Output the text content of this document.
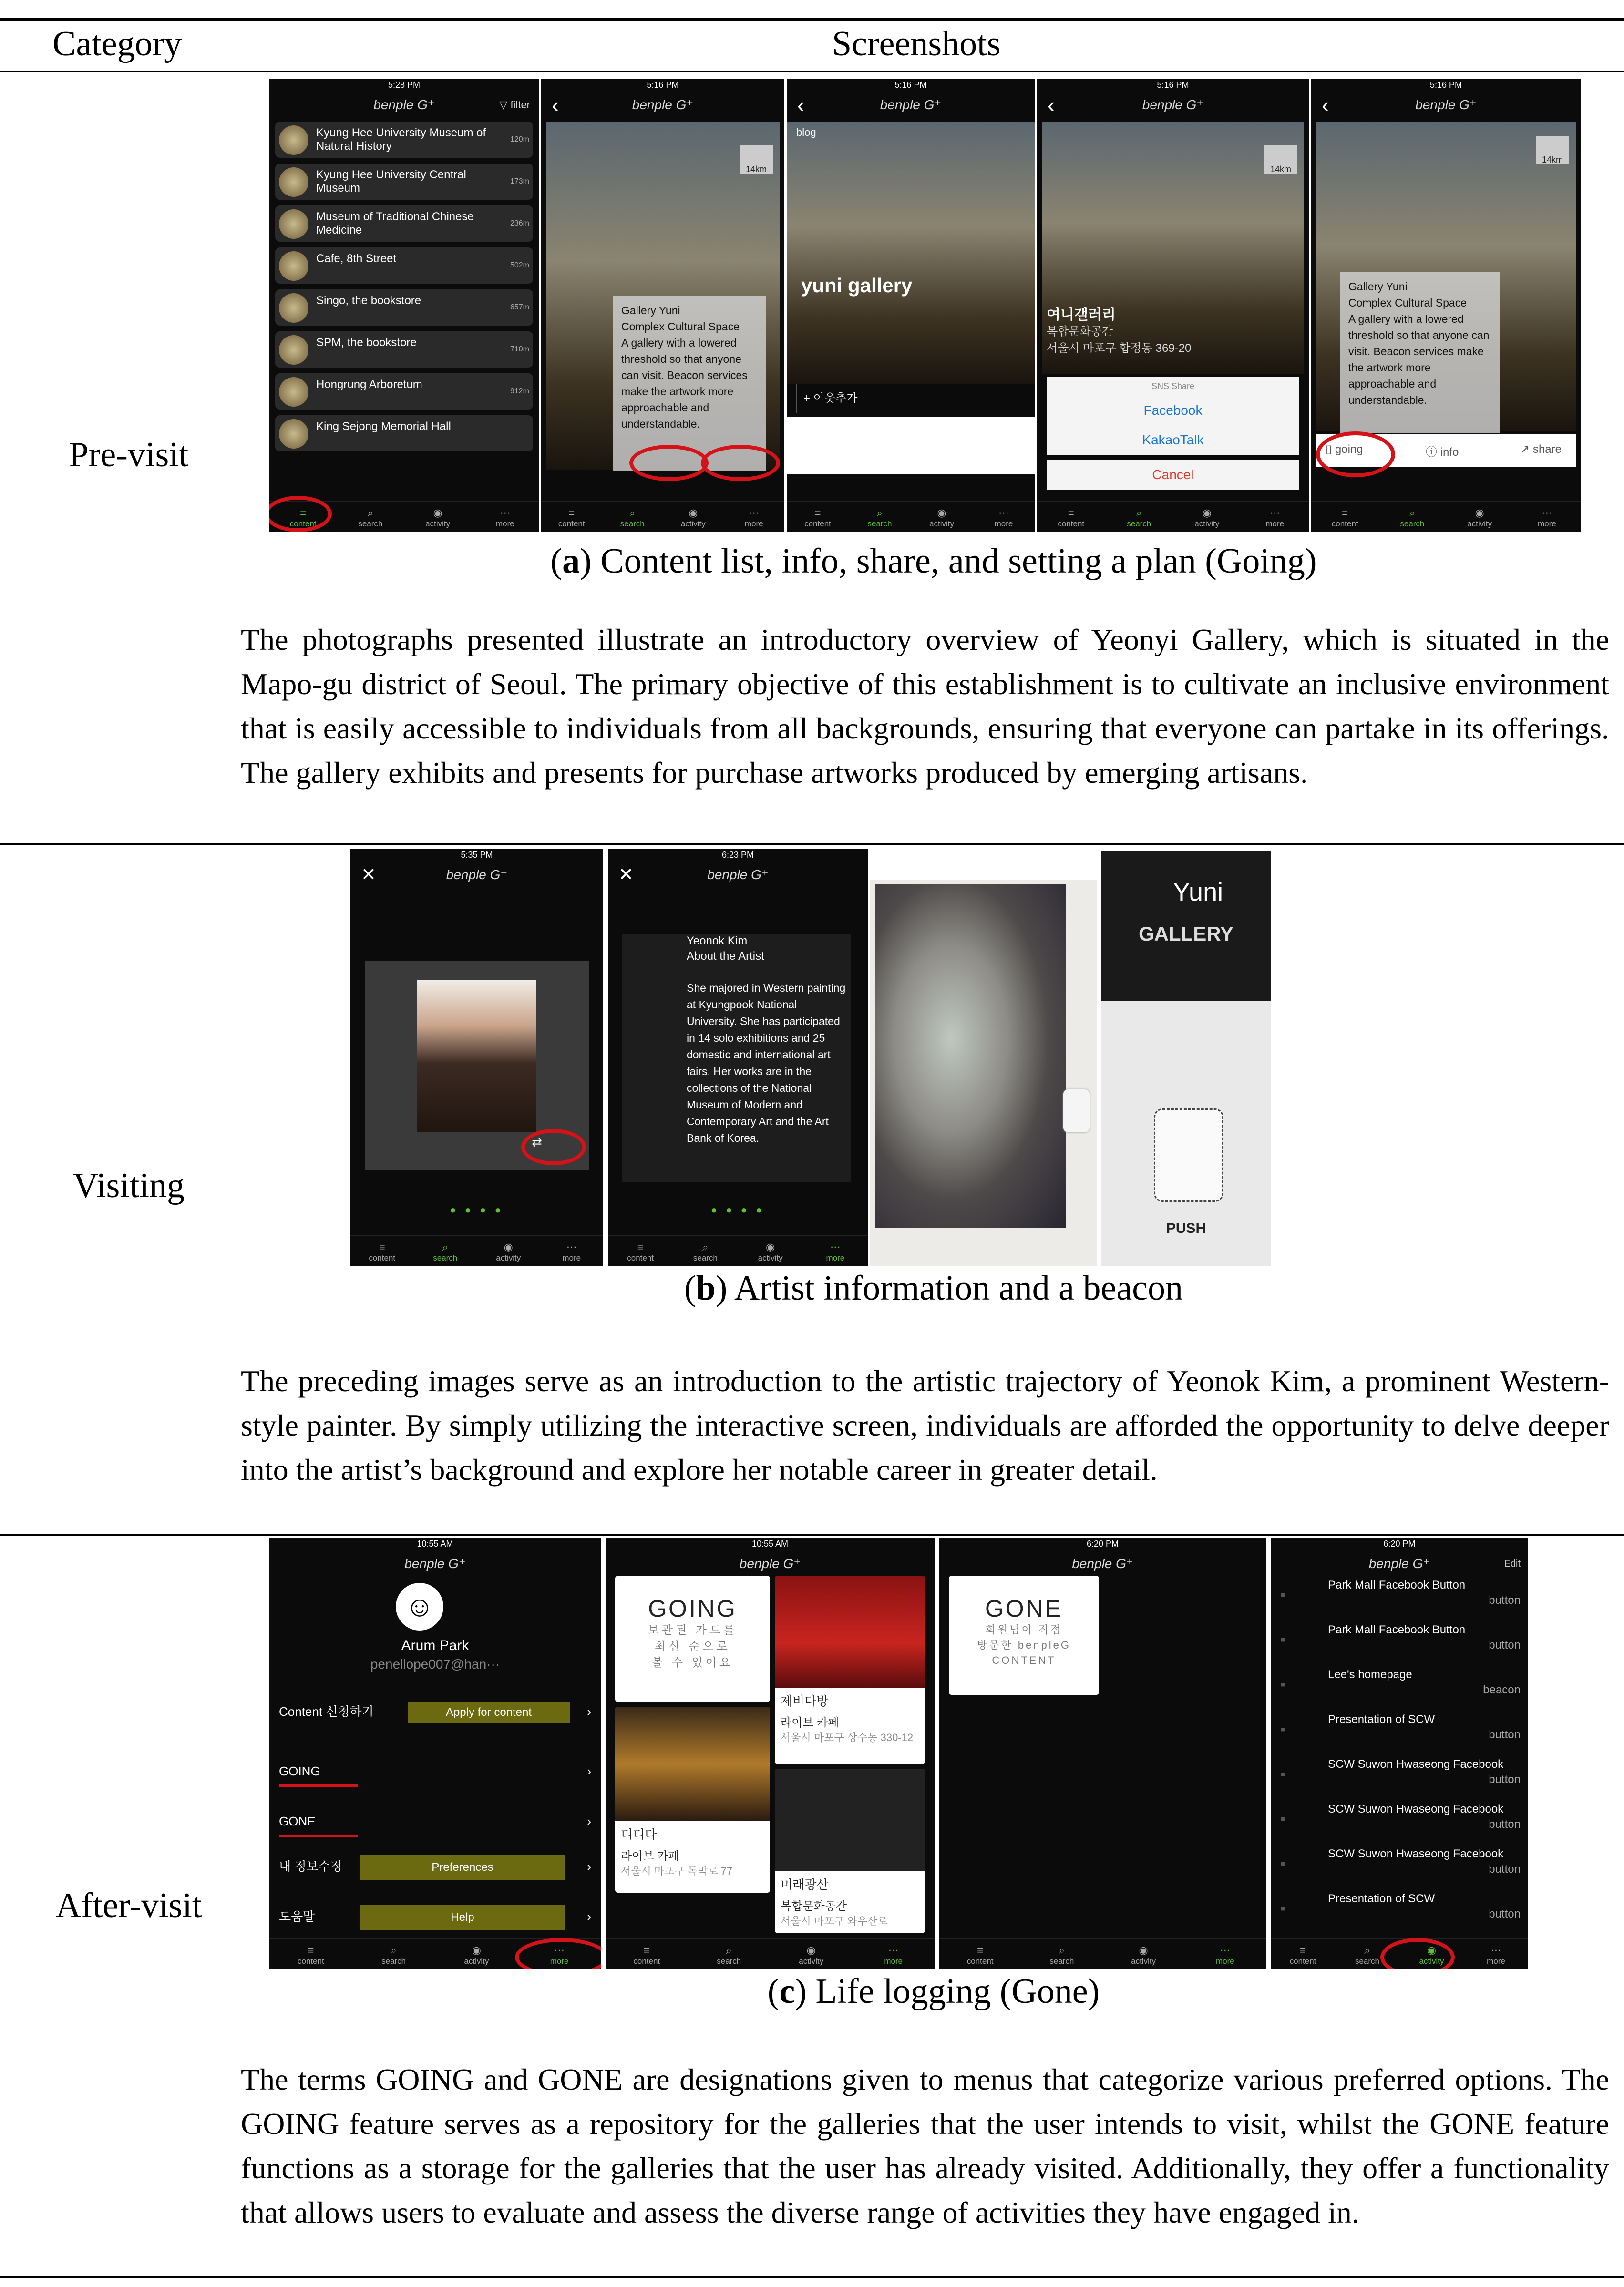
Category	Screenshots
Pre-visit
5:28 PM
benple G⁺	▽ filter
Kyung Hee University Museum of Natural History
120m
Kyung Hee University Central Museum
173m
Museum of Traditional Chinese Medicine
236m
Cafe, 8th Street
502m
Singo, the bookstore
657m
SPM, the bookstore
710m
Hongrung Arboretum
912m
King Sejong Memorial Hall
≡
content
⌕
search
◉
activity
⋯
more
5:16 PM
‹	benple G⁺
14km
Gallery Yuni
Complex Cultural Space
A gallery with a lowered threshold so that anyone can visit. Beacon services make the artwork more approachable and understandable.
≡
content
⌕
search
◉
activity
⋯
more
5:16 PM
‹	benple G⁺
blog
yuni gallery
+ 이웃추가
≡
content
⌕
search
◉
activity
⋯
more
5:16 PM
‹	benple G⁺
14km
여니갤러리
복합문화공간
서울시 마포구 합정동 369-20
SNS Share
Facebook
KakaoTalk
Cancel
≡
content
⌕
search
◉
activity
⋯
more
5:16 PM
‹	benple G⁺
14km
Gallery Yuni
Complex Cultural Space
A gallery with a lowered threshold so that anyone can visit. Beacon services make the artwork more approachable and understandable.
▯ going	ⓘ info	↗ share
≡
content
⌕
search
◉
activity
⋯
more
(a) Content list, info, share, and setting a plan (Going)
The photographs presented illustrate an introductory overview of Yeonyi Gallery, which is situated in the Mapo-gu district of Seoul. The primary objective of this establishment is to cultivate an inclusive environment that is easily accessible to individuals from all backgrounds, ensuring that everyone can partake in its offerings. The gallery exhibits and presents for purchase artworks produced by emerging artisans.
Visiting
5:35 PM
✕	benple G⁺
⇄
● ● ● ●
≡
content
⌕
search
◉
activity
⋯
more
6:23 PM
✕	benple G⁺
Yeonok Kim
About the Artist
She majored in Western painting at Kyungpook National University. She has participated in 14 solo exhibitions and 25 domestic and international art fairs. Her works are in the collections of the National Museum of Modern and Contemporary Art and the Art Bank of Korea.
● ● ● ●
≡
content
⌕
search
◉
activity
⋯
more
Yuni
GALLERY
PUSH
(b) Artist information and a beacon
The preceding images serve as an introduction to the artistic trajectory of Yeonok Kim, a prominent Western-style painter. By simply utilizing the interactive screen, individuals are afforded the opportunity to delve deeper into the artist’s background and explore her notable career in greater detail.
After-visit
10:55 AM
benple G⁺
☺
Arum Park
penellope007@han···
Content 신청하기	›
Apply for content
GOING	›
GONE	›
내 정보수정	›
Preferences
도움말	›
Help
≡
content
⌕
search
◉
activity
⋯
more
10:55 AM
benple G⁺
GOING
보관된 카드를
최신 순으로
볼 수 있어요
제비다방
라이브 카페
서울시 마포구 상수동 330-12
디디다
라이브 카페
서울시 마포구 독막로 77
미래광산
복합문화공간
서울시 마포구 와우산로
≡
content
⌕
search
◉
activity
⋯
more
6:20 PM
benple G⁺
GONE
회원님이 직접
방문한 benpleG
CONTENT
≡
content
⌕
search
◉
activity
⋯
more
6:20 PM
benple G⁺	Edit
▪
Park Mall Facebook Button
button
▪
Park Mall Facebook Button
button
▪
Lee's homepage
beacon
▪
Presentation of SCW
button
▪
SCW Suwon Hwaseong Facebook
button
▪
SCW Suwon Hwaseong Facebook
button
▪
SCW Suwon Hwaseong Facebook
button
▪
Presentation of SCW
button
≡
content
⌕
search
◉
activity
⋯
more
(c) Life logging (Gone)
The terms GOING and GONE are designations given to menus that categorize various preferred options. The GOING feature serves as a repository for the galleries that the user intends to visit, whilst the GONE feature functions as a storage for the galleries that the user has already visited. Additionally, they offer a functionality that allows users to evaluate and assess the diverse range of activities they have engaged in.
